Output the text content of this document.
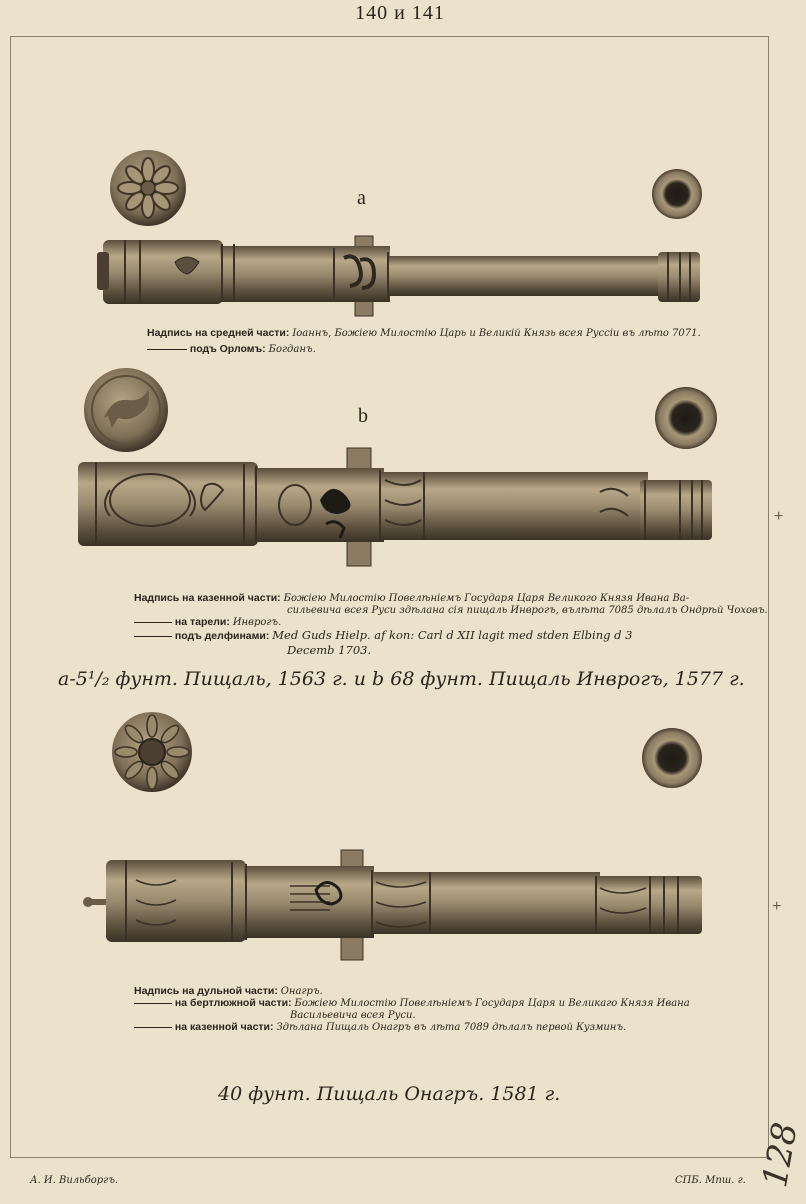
140 и 141
a
Надпись на средней части: Іоаннъ, Божіею Милостію Царь и Великій Князь всея Руссіи въ лѣто 7071.
подъ Орломъ: Богданъ.
b
Надпись на казенной части: Божіею Милостію Повелѣніемъ Государя Царя Великого Князя Ивана Ва-
сильевича всея Руси здѣлана сія пищаль Инврогъ, вълѣта 7085 дѣлалъ Ондрѣй Чоховъ.
на тарели: Инврогъ.
подъ делфинами: Med Guds Hielp. af kon: Carl d XII lagit med stden Elbing d 3
Decemb 1703.
a-5¹/₂ фунт. Пищаль, 1563 г. и b 68 фунт. Пищаль Инврогъ, 1577 г.
Надпись на дульной части: Онагръ.
на бертлюжной части: Божіею Милостію Повелѣніемъ Государя Царя и Великаго Князя Ивана
Васильевича всея Руси.
на казенной части: Здѣлана Пищаль Онагръ въ лѣта 7089 дѣлалъ первой Кузминъ.
40 фунт. Пищаль Онагръ. 1581 г.
А. И. Вильборгъ.	СПБ. Мпш. г. 128
+
+
